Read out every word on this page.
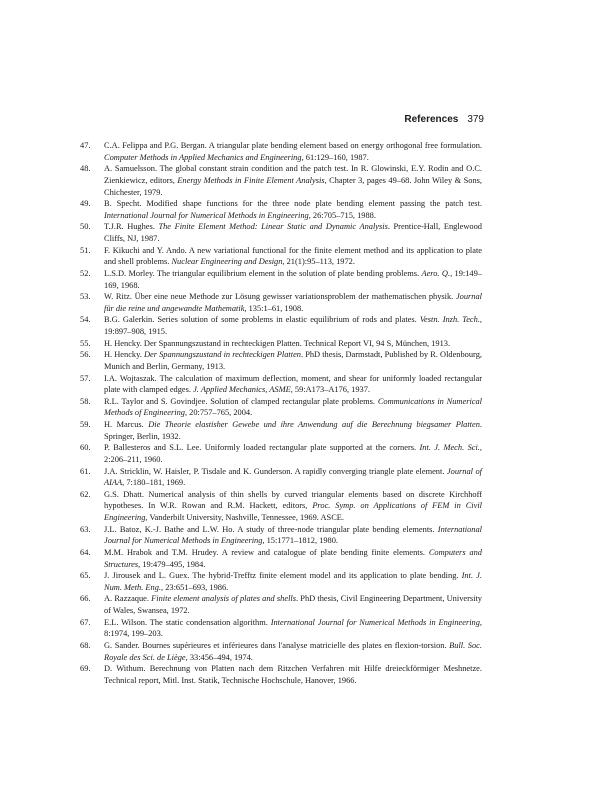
References 379
47. C.A. Felippa and P.G. Bergan. A triangular plate bending element based on energy orthogonal free formulation. Computer Methods in Applied Mechanics and Engineering, 61:129–160, 1987.
48. A. Samuelsson. The global constant strain condition and the patch test. In R. Glowinski, E.Y. Rodin and O.C. Zienkiewicz, editors, Energy Methods in Finite Element Analysis, Chapter 3, pages 49–68. John Wiley & Sons, Chichester, 1979.
49. B. Specht. Modified shape functions for the three node plate bending element passing the patch test. International Journal for Numerical Methods in Engineering, 26:705–715, 1988.
50. T.J.R. Hughes. The Finite Element Method: Linear Static and Dynamic Analysis. Prentice-Hall, Englewood Cliffs, NJ, 1987.
51. F. Kikuchi and Y. Ando. A new variational functional for the finite element method and its application to plate and shell problems. Nuclear Engineering and Design, 21(1):95–113, 1972.
52. L.S.D. Morley. The triangular equilibrium element in the solution of plate bending problems. Aero. Q., 19:149–169, 1968.
53. W. Ritz. Über eine neue Methode zur Lösung gewisser variationsproblem der mathematischen physik. Journal für die reine und angewandte Mathematik, 135:1–61, 1908.
54. B.G. Galerkin. Series solution of some problems in elastic equilibrium of rods and plates. Vestn. Inzh. Tech., 19:897–908, 1915.
55. H. Hencky. Der Spannungszustand in rechteckigen Platten. Technical Report VI, 94 S, München, 1913.
56. H. Hencky. Der Spannungszustand in rechteckigen Platten. PhD thesis, Darmstadt, Published by R. Oldenbourg, Munich and Berlin, Germany, 1913.
57. I.A. Wojtaszak. The calculation of maximum deflection, moment, and shear for uniformly loaded rectangular plate with clamped edges. J. Applied Mechanics, ASME, 59:A173–A176, 1937.
58. R.L. Taylor and S. Govindjee. Solution of clamped rectangular plate problems. Communications in Numerical Methods of Engineering, 20:757–765, 2004.
59. H. Marcus. Die Theorie elastisher Gewebe und ihre Anwendung auf die Berechnung biegsamer Platten. Springer, Berlin, 1932.
60. P. Ballesteros and S.L. Lee. Uniformly loaded rectangular plate supported at the corners. Int. J. Mech. Sci., 2:206–211, 1960.
61. J.A. Stricklin, W. Haisler, P. Tisdale and K. Gunderson. A rapidly converging triangle plate element. Journal of AIAA, 7:180–181, 1969.
62. G.S. Dhatt. Numerical analysis of thin shells by curved triangular elements based on discrete Kirchhoff hypotheses. In W.R. Rowan and R.M. Hackett, editors, Proc. Symp. on Applications of FEM in Civil Engineering, Vanderbilt University, Nashville, Tennessee, 1969. ASCE.
63. J.L. Batoz, K.-J. Bathe and L.W. Ho. A study of three-node triangular plate bending elements. International Journal for Numerical Methods in Engineering, 15:1771–1812, 1980.
64. M.M. Hrabok and T.M. Hrudey. A review and catalogue of plate bending finite elements. Computers and Structures, 19:479–495, 1984.
65. J. Jirousek and L. Guex. The hybrid-Trefftz finite element model and its application to plate bending. Int. J. Num. Meth. Eng., 23:651–693, 1986.
66. A. Razzaque. Finite element analysis of plates and shells. PhD thesis, Civil Engineering Department, University of Wales, Swansea, 1972.
67. E.L. Wilson. The static condensation algorithm. International Journal for Numerical Methods in Engineering, 8:1974, 199–203.
68. G. Sander. Bournes supérieures et inférieures dans l'analyse matricielle des plates en flexion-torsion. Bull. Soc. Royale des Sci. de Liège, 33:456–494, 1974.
69. D. Withum. Berechnung von Platten nach dem Ritzchen Verfahren mit Hilfe dreieckförmiger Meshnetze. Technical report, Mitl. Inst. Statik, Technische Hochschule, Hanover, 1966.
